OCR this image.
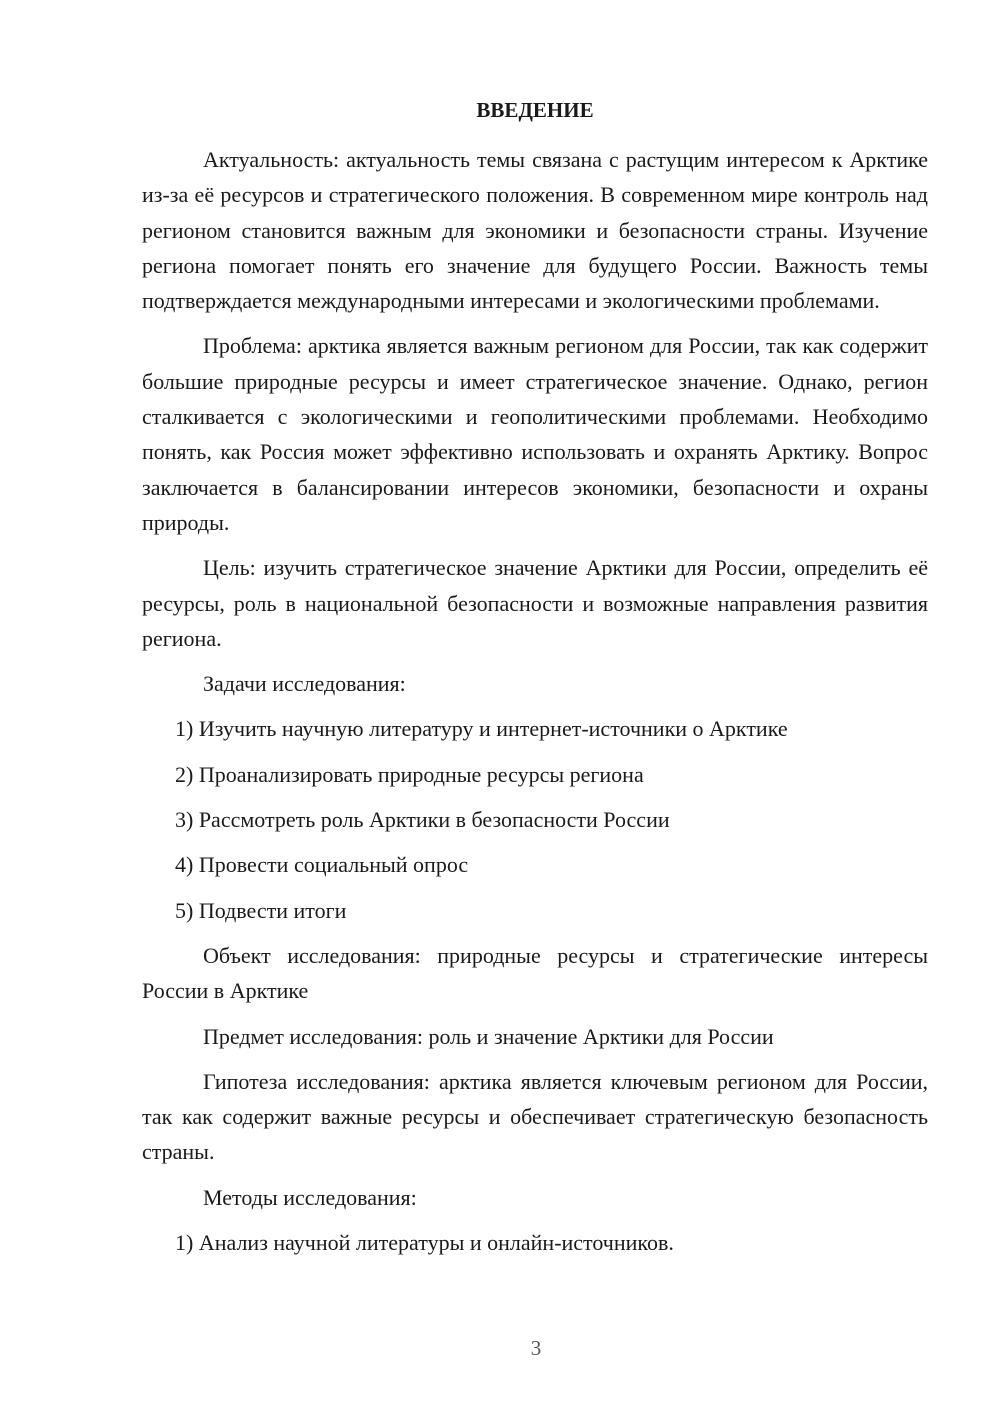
ВВЕДЕНИЕ

Актуальность: актуальность темы связана с растущим интересом к Арктике из-за её ресурсов и стратегического положения. В современном мире контроль над регионом становится важным для экономики и безопасности страны. Изучение региона помогает понять его значение для будущего России. Важность темы подтверждается международными интересами и экологическими проблемами.

Проблема: арктика является важным регионом для России, так как содержит большие природные ресурсы и имеет стратегическое значение. Однако, регион сталкивается с экологическими и геополитическими проблемами. Необходимо понять, как Россия может эффективно использовать и охранять Арктику. Вопрос заключается в балансировании интересов экономики, безопасности и охраны природы.

Цель: изучить стратегическое значение Арктики для России, определить её ресурсы, роль в национальной безопасности и возможные направления развития региона.

Задачи исследования:

1) Изучить научную литературу и интернет-источники о Арктике

2) Проанализировать природные ресурсы региона

3) Рассмотреть роль Арктики в безопасности России

4) Провести социальный опрос

5) Подвести итоги

Объект исследования: природные ресурсы и стратегические интересы России в Арктике

Предмет исследования: роль и значение Арктики для России

Гипотеза исследования: арктика является ключевым регионом для России, так как содержит важные ресурсы и обеспечивает стратегическую безопасность страны.

Методы исследования:

1) Анализ научной литературы и онлайн-источников.

3
